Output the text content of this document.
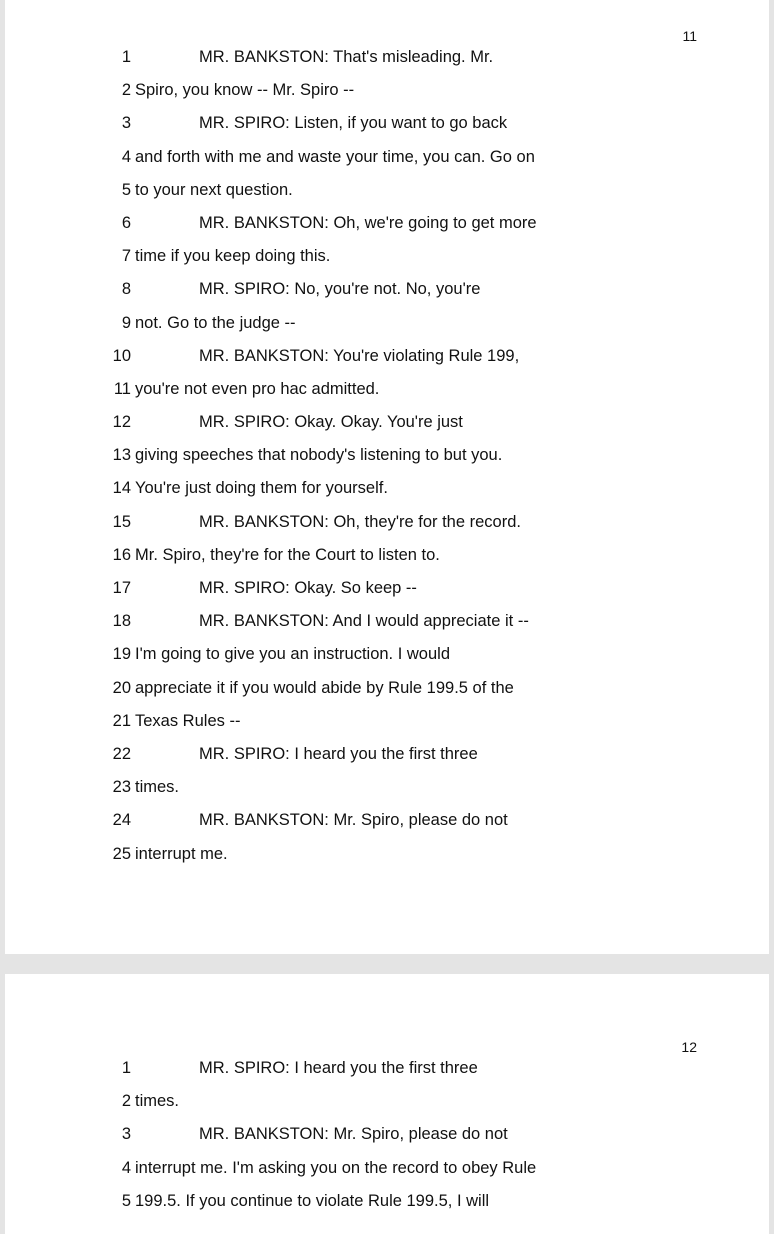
11
1	MR. BANKSTON: That's misleading. Mr.
2 Spiro, you know -- Mr. Spiro --
3	MR. SPIRO: Listen, if you want to go back
4 and forth with me and waste your time, you can. Go on
5 to your next question.
6	MR. BANKSTON: Oh, we're going to get more
7 time if you keep doing this.
8	MR. SPIRO: No, you're not. No, you're
9 not. Go to the judge --
10	MR. BANKSTON: You're violating Rule 199,
11 you're not even pro hac admitted.
12	MR. SPIRO: Okay. Okay. You're just
13 giving speeches that nobody's listening to but you.
14 You're just doing them for yourself.
15	MR. BANKSTON: Oh, they're for the record.
16 Mr. Spiro, they're for the Court to listen to.
17	MR. SPIRO: Okay. So keep --
18	MR. BANKSTON: And I would appreciate it --
19 I'm going to give you an instruction. I would
20 appreciate it if you would abide by Rule 199.5 of the
21 Texas Rules --
22	MR. SPIRO: I heard you the first three
23 times.
24	MR. BANKSTON: Mr. Spiro, please do not
25 interrupt me.
12
1	MR. SPIRO: I heard you the first three
2 times.
3	MR. BANKSTON: Mr. Spiro, please do not
4 interrupt me. I'm asking you on the record to obey Rule
5 199.5. If you continue to violate Rule 199.5, I will
